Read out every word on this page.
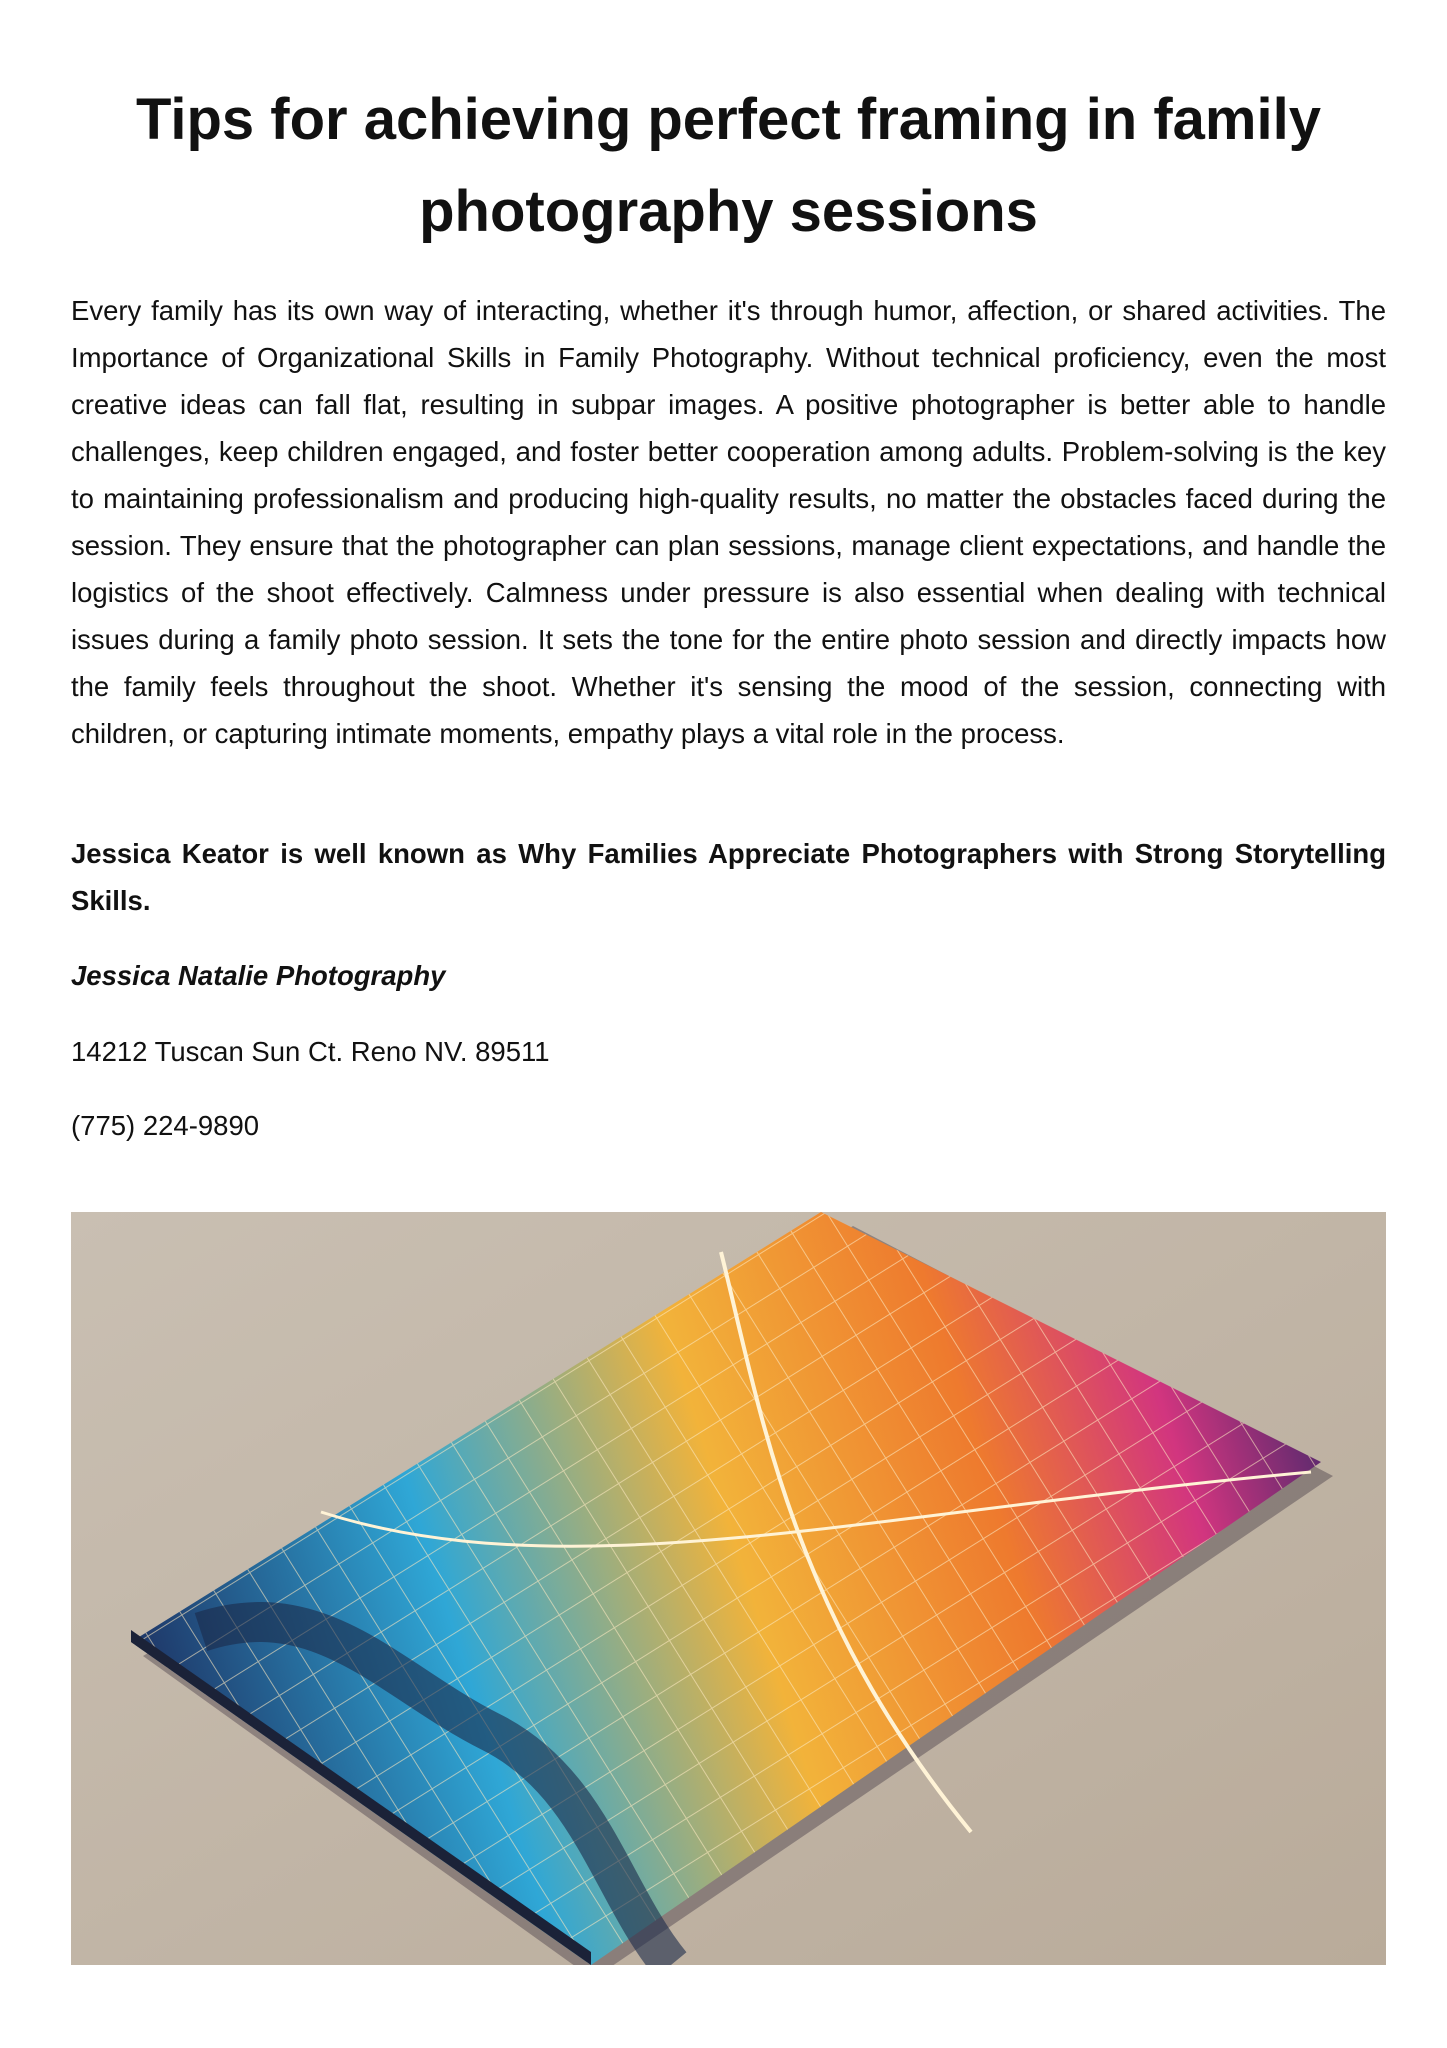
Tips for achieving perfect framing in family photography sessions

Every family has its own way of interacting, whether it's through humor, affection, or shared activities. The Importance of Organizational Skills in Family Photography. Without technical proficiency, even the most creative ideas can fall flat, resulting in subpar images. A positive photographer is better able to handle challenges, keep children engaged, and foster better cooperation among adults. Problem-solving is the key to maintaining professionalism and producing high-quality results, no matter the obstacles faced during the session. They ensure that the photographer can plan sessions, manage client expectations, and handle the logistics of the shoot effectively. Calmness under pressure is also essential when dealing with technical issues during a family photo session. It sets the tone for the entire photo session and directly impacts how the family feels throughout the shoot. Whether it's sensing the mood of the session, connecting with children, or capturing intimate moments, empathy plays a vital role in the process.

Jessica Keator is well known as Why Families Appreciate Photographers with Strong Storytelling Skills.

Jessica Natalie Photography

14212 Tuscan Sun Ct. Reno NV. 89511

(775) 224-9890
